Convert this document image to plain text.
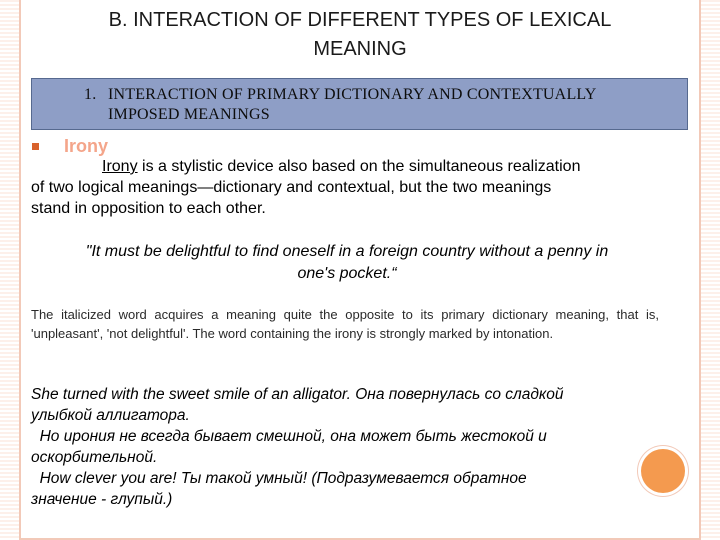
B. INTERACTION OF DIFFERENT TYPES OF LEXICAL
MEANING
1. INTERACTION OF PRIMARY DICTIONARY AND CONTEXTUALLY
IMPOSED MEANINGS
Irony
Irony is a stylistic device also based on the simultaneous realization
of two logical meanings—dictionary and contextual, but the two meanings
stand in opposition to each other.
"It must be delightful to find oneself in a foreign country without a penny in
one's pocket.“
The italicized word acquires a meaning quite the opposite to its primary dictionary meaning, that is, 'unpleasant', 'not delightful'. The word containing the irony is strongly marked by intonation.
She turned with the sweet smile of an alligator. Она повернулась со сладкой
улыбкой аллигатора.
Но ирония не всегда бывает смешной, она может быть жестокой и
оскорбительной.
How clever you are! Ты такой умный! (Подразумевается обратное
значение - глупый.)
